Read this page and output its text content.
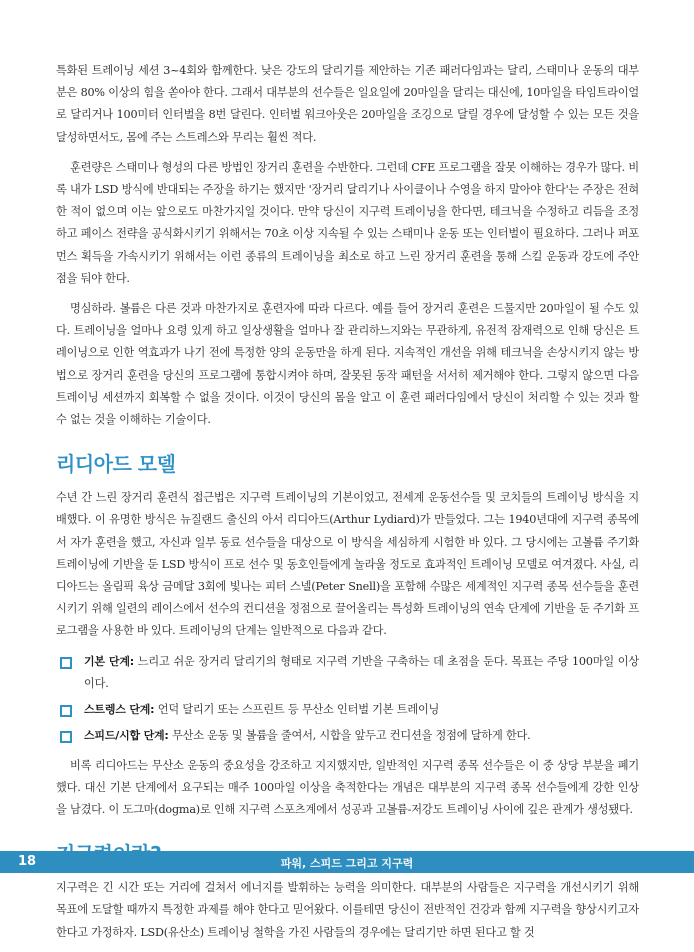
특화된 트레이닝 세션 3~4회와 함께한다. 낮은 강도의 달리기를 제안하는 기존 패러다임과는 달리, 스태미나 운동의 대부분은 80% 이상의 힘을 쏟아야 한다. 그래서 대부분의 선수들은 일요일에 20마일을 달리는 대신에, 10마일을 타임트라이얼로 달리거나 100미터 인터벌을 8번 달린다. 인터벌 워크아웃은 20마일을 조깅으로 달릴 경우에 달성할 수 있는 모든 것을 달성하면서도, 몸에 주는 스트레스와 무리는 훨씬 적다.

훈련량은 스태미나 형성의 다른 방법인 장거리 훈련을 수반한다. 그런데 CFE 프로그램을 잘못 이해하는 경우가 많다. 비록 내가 LSD 방식에 반대되는 주장을 하기는 했지만 '장거리 달리기나 사이클이나 수영을 하지 말아야 한다'는 주장은 전혀 한 적이 없으며 이는 앞으로도 마찬가지일 것이다. 만약 당신이 지구력 트레이닝을 한다면, 테크닉을 수정하고 리듬을 조정하고 페이스 전략을 공식화시키기 위해서는 70초 이상 지속될 수 있는 스태미나 운동 또는 인터벌이 필요하다. 그러나 퍼포먼스 획득을 가속시키기 위해서는 이런 종류의 트레이닝을 최소로 하고 느린 장거리 훈련을 통해 스킬 운동과 강도에 주안점을 둬야 한다.

명심하라. 볼륨은 다른 것과 마찬가지로 훈련자에 따라 다르다. 예를 들어 장거리 훈련은 드물지만 20마일이 될 수도 있다. 트레이닝을 얼마나 요령 있게 하고 일상생활을 얼마나 잘 관리하느지와는 무관하게, 유전적 잠재력으로 인해 당신은 트레이닝으로 인한 역효과가 나기 전에 특정한 양의 운동만을 하게 된다. 지속적인 개선을 위해 테크닉을 손상시키지 않는 방법으로 장거리 훈련을 당신의 프로그램에 통합시켜야 하며, 잘못된 동작 패턴을 서서히 제거해야 한다. 그렇지 않으면 다음 트레이닝 세션까지 회복할 수 없을 것이다. 이것이 당신의 몸을 알고 이 훈련 패러다임에서 당신이 처리할 수 있는 것과 할 수 없는 것을 이해하는 기술이다.

리디아드 모델

수년 간 느린 장거리 훈련식 접근법은 지구력 트레이닝의 기본이었고, 전세계 운동선수들 및 코치들의 트레이닝 방식을 지배했다. 이 유명한 방식은 뉴질랜드 출신의 아서 리디아드(Arthur Lydiard)가 만들었다. 그는 1940년대에 지구력 종목에서 자가 훈련을 했고, 자신과 일부 동료 선수들을 대상으로 이 방식을 세심하게 시험한 바 있다. 그 당시에는 고볼륨 주기화 트레이닝에 기반을 둔 LSD 방식이 프로 선수 및 동호인들에게 놀라울 정도로 효과적인 트레이닝 모델로 여겨졌다. 사실, 리디아드는 올림픽 육상 금메달 3회에 빛나는 피터 스넬(Peter Snell)을 포함해 수많은 세계적인 지구력 종목 선수들을 훈련시키기 위해 일련의 레이스에서 선수의 컨디션을 정점으로 끌어올리는 특성화 트레이닝의 연속 단계에 기반을 둔 주기화 프로그램을 사용한 바 있다. 트레이닝의 단계는 일반적으로 다음과 같다.

기본 단계: 느리고 쉬운 장거리 달리기의 형태로 지구력 기반을 구축하는 데 초점을 둔다. 목표는 주당 100마일 이상이다.
스트렝스 단계: 언덕 달리기 또는 스프린트 등 무산소 인터벌 기본 트레이닝
스피드/시합 단계: 무산소 운동 및 볼륨을 줄여서, 시합을 앞두고 컨디션을 정점에 달하게 한다.

비록 리디아드는 무산소 운동의 중요성을 강조하고 지지했지만, 일반적인 지구력 종목 선수들은 이 중 상당 부분을 폐기했다. 대신 기본 단계에서 요구되는 매주 100마일 이상을 축적한다는 개념은 대부분의 지구력 종목 선수들에게 강한 인상을 남겼다. 이 도그마(dogma)로 인해 지구력 스포츠계에서 성공과 고볼륨-저강도 트레이닝 사이에 깊은 관계가 생성됐다.

지구력은 긴 시간 또는 거리에 걸쳐서 에너지를 발휘하는 능력을 의미한다. 대부분의 사람들은 지구력을 개선시키기 위해 목표에 도달할 때까지 특정한 과제를 해야 한다고 믿어왔다. 이를테면 당신이 전반적인 건강과 함께 지구력을 향상시키고자 한다고 가정하자. LSD(유산소) 트레이닝 철학을 가진 사람들의 경우에는 달리기만 하면 된다고 할 것

18	파워, 스피드 그리고 지구력
